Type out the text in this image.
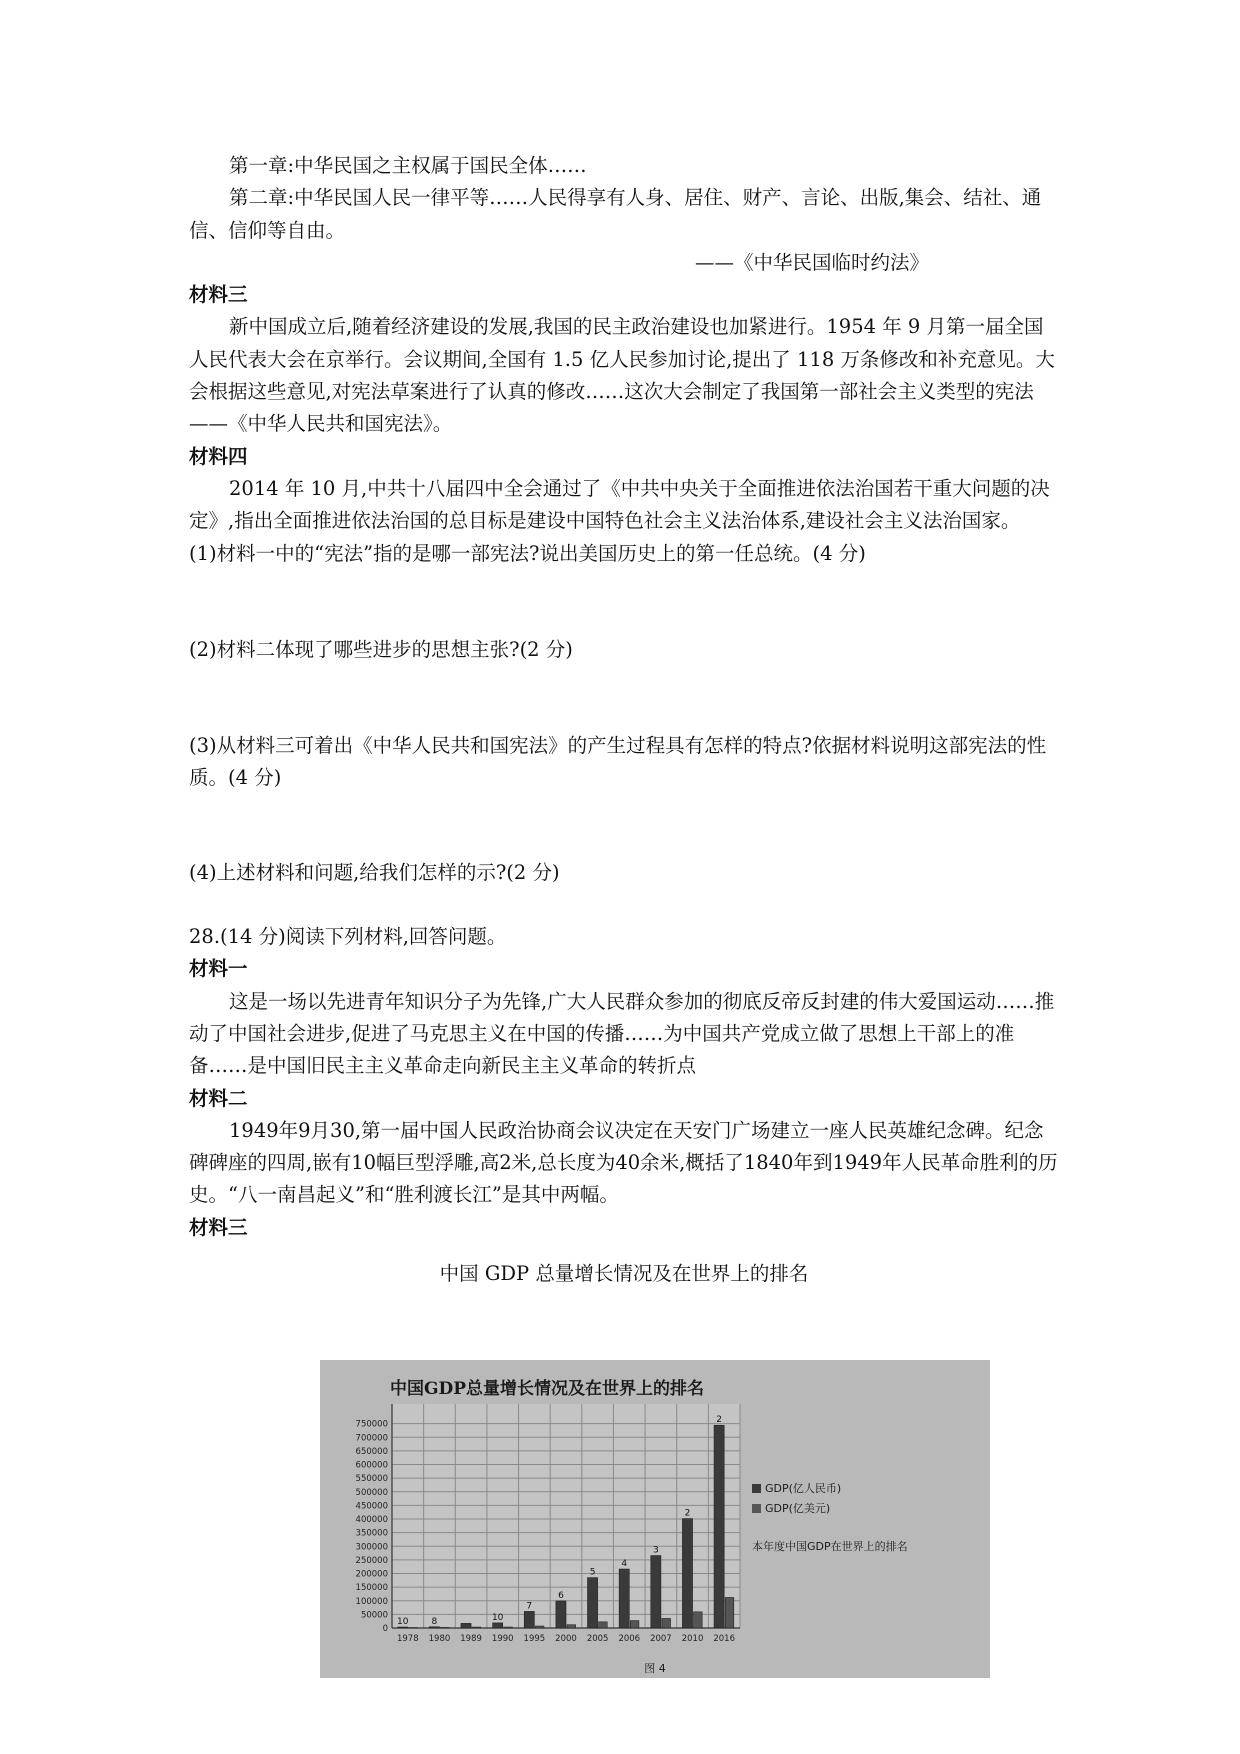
第一章:中华民国之主权属于国民全体……

第二章:中华民国人民一律平等……人民得享有人身、居住、财产、言论、出版,集会、结社、通信、信仰等自由。

——《中华民国临时约法》

材料三

新中国成立后,随着经济建设的发展,我国的民主政治建设也加紧进行。1954 年 9 月第一届全国人民代表大会在京举行。会议期间,全国有 1.5 亿人民参加讨论,提出了 118 万条修改和补充意见。大会根据这些意见,对宪法草案进行了认真的修改……这次大会制定了我国第一部社会主义类型的宪法——《中华人民共和国宪法》。

材料四

2014 年 10 月,中共十八届四中全会通过了《中共中央关于全面推进依法治国若干重大问题的决定》,指出全面推进依法治国的总目标是建设中国特色社会主义法治体系,建设社会主义法治国家。

(1)材料一中的“宪法”指的是哪一部宪法?说出美国历史上的第一任总统。(4 分)

(2)材料二体现了哪些进步的思想主张?(2 分)

(3)从材料三可着出《中华人民共和国宪法》的产生过程具有怎样的特点?依据材料说明这部宪法的性质。(4 分)

(4)上述材料和问题,给我们怎样的示?(2 分)

28.(14 分)阅读下列材料,回答问题。

材料一

这是一场以先进青年知识分子为先锋,广大人民群众参加的彻底反帝反封建的伟大爱国运动……推动了中国社会进步,促进了马克思主义在中国的传播……为中国共产党成立做了思想上干部上的准备……是中国旧民主主义革命走向新民主主义革命的转折点

材料二

1949年9月30,第一届中国人民政治协商会议决定在天安门广场建立一座人民英雄纪念碑。纪念碑碑座的四周,嵌有10幅巨型浮雕,高2米,总长度为40余米,概括了1840年到1949年人民革命胜利的历史。“八一南昌起义”和“胜利渡长江”是其中两幅。

材料三

中国 GDP 总量增长情况及在世界上的排名

中国GDP总量增长情况及在世界上的排名
0
50000
100000
150000
200000
250000
300000
350000
400000
450000
500000
550000
600000
650000
700000
750000
1978 1980 1989 1990 1995 2000 2005 2006 2007 2010 2016
10	8	10
7
6
5
4
3
2
2
GDP(亿人民币)
GDP(亿美元)
本年度中国GDP在世界上的排名
图 4
